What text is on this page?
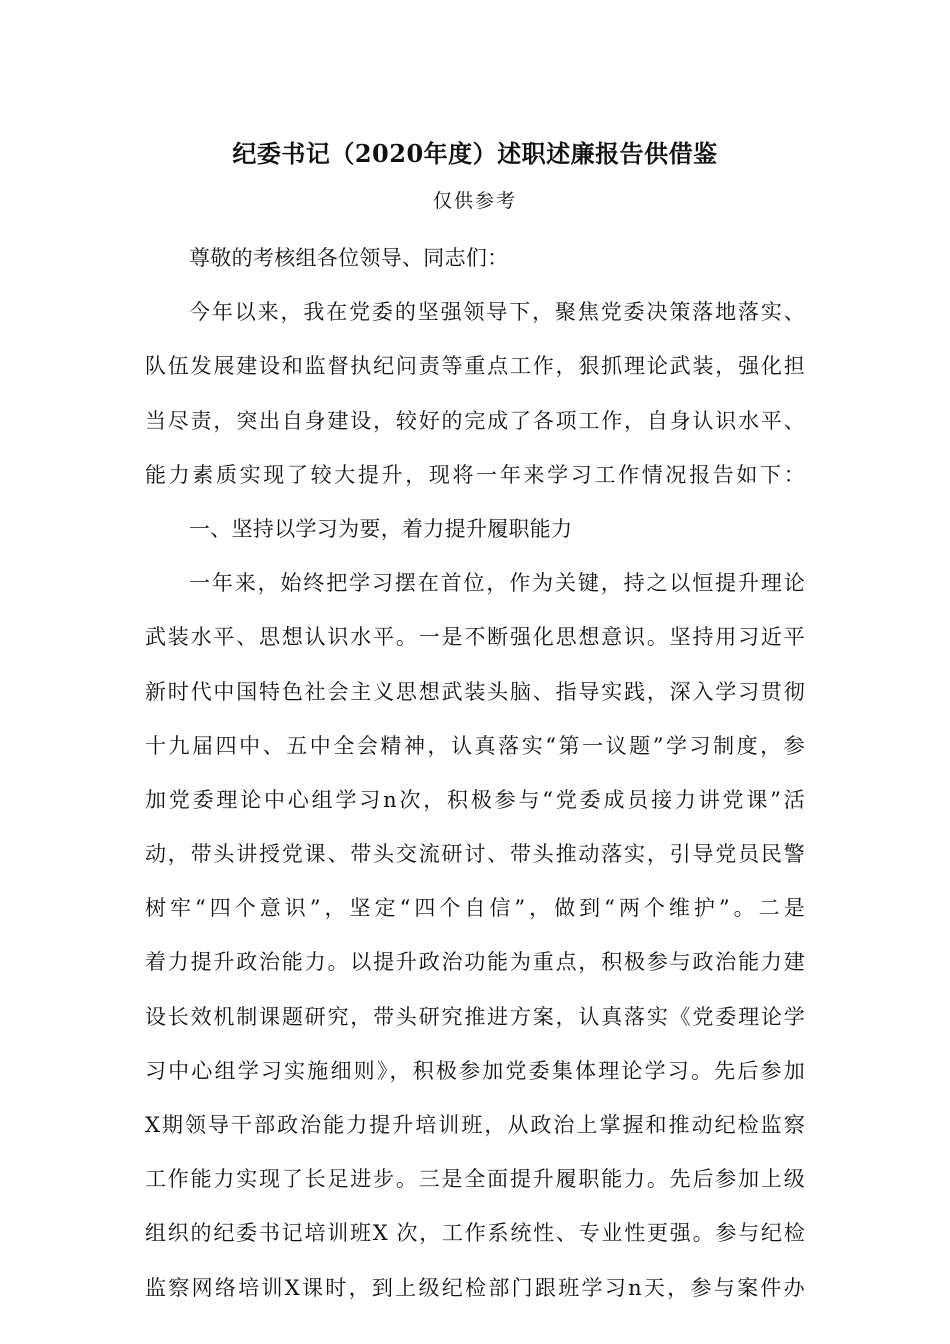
纪委书记（2020年度）述职述廉报告供借鉴
仅供参考
尊敬的考核组各位领导、同志们：
今年以来，我在党委的坚强领导下，聚焦党委决策落地落实、
队伍发展建设和监督执纪问责等重点工作，狠抓理论武装，强化担
当尽责，突出自身建设，较好的完成了各项工作，自身认识水平、
能力素质实现了较大提升，现将一年来学习工作情况报告如下：
一、坚持以学习为要，着力提升履职能力
一年来，始终把学习摆在首位，作为关键，持之以恒提升理论
武装水平、思想认识水平。一是不断强化思想意识。坚持用习近平
新时代中国特色社会主义思想武装头脑、指导实践，深入学习贯彻
十九届四中、五中全会精神，认真落实“第一议题”学习制度，参
加党委理论中心组学习n次，积极参与“党委成员接力讲党课”活
动，带头讲授党课、带头交流研讨、带头推动落实，引导党员民警
树牢“四个意识”，坚定“四个自信”，做到“两个维护”。二是
着力提升政治能力。以提升政治功能为重点，积极参与政治能力建
设长效机制课题研究，带头研究推进方案，认真落实《党委理论学
习中心组学习实施细则》，积极参加党委集体理论学习。先后参加
X期领导干部政治能力提升培训班，从政治上掌握和推动纪检监察
工作能力实现了长足进步。三是全面提升履职能力。先后参加上级
组织的纪委书记培训班X 次，工作系统性、专业性更强。参与纪检
监察网络培训X课时，到上级纪检部门跟班学习n天，参与案件办
